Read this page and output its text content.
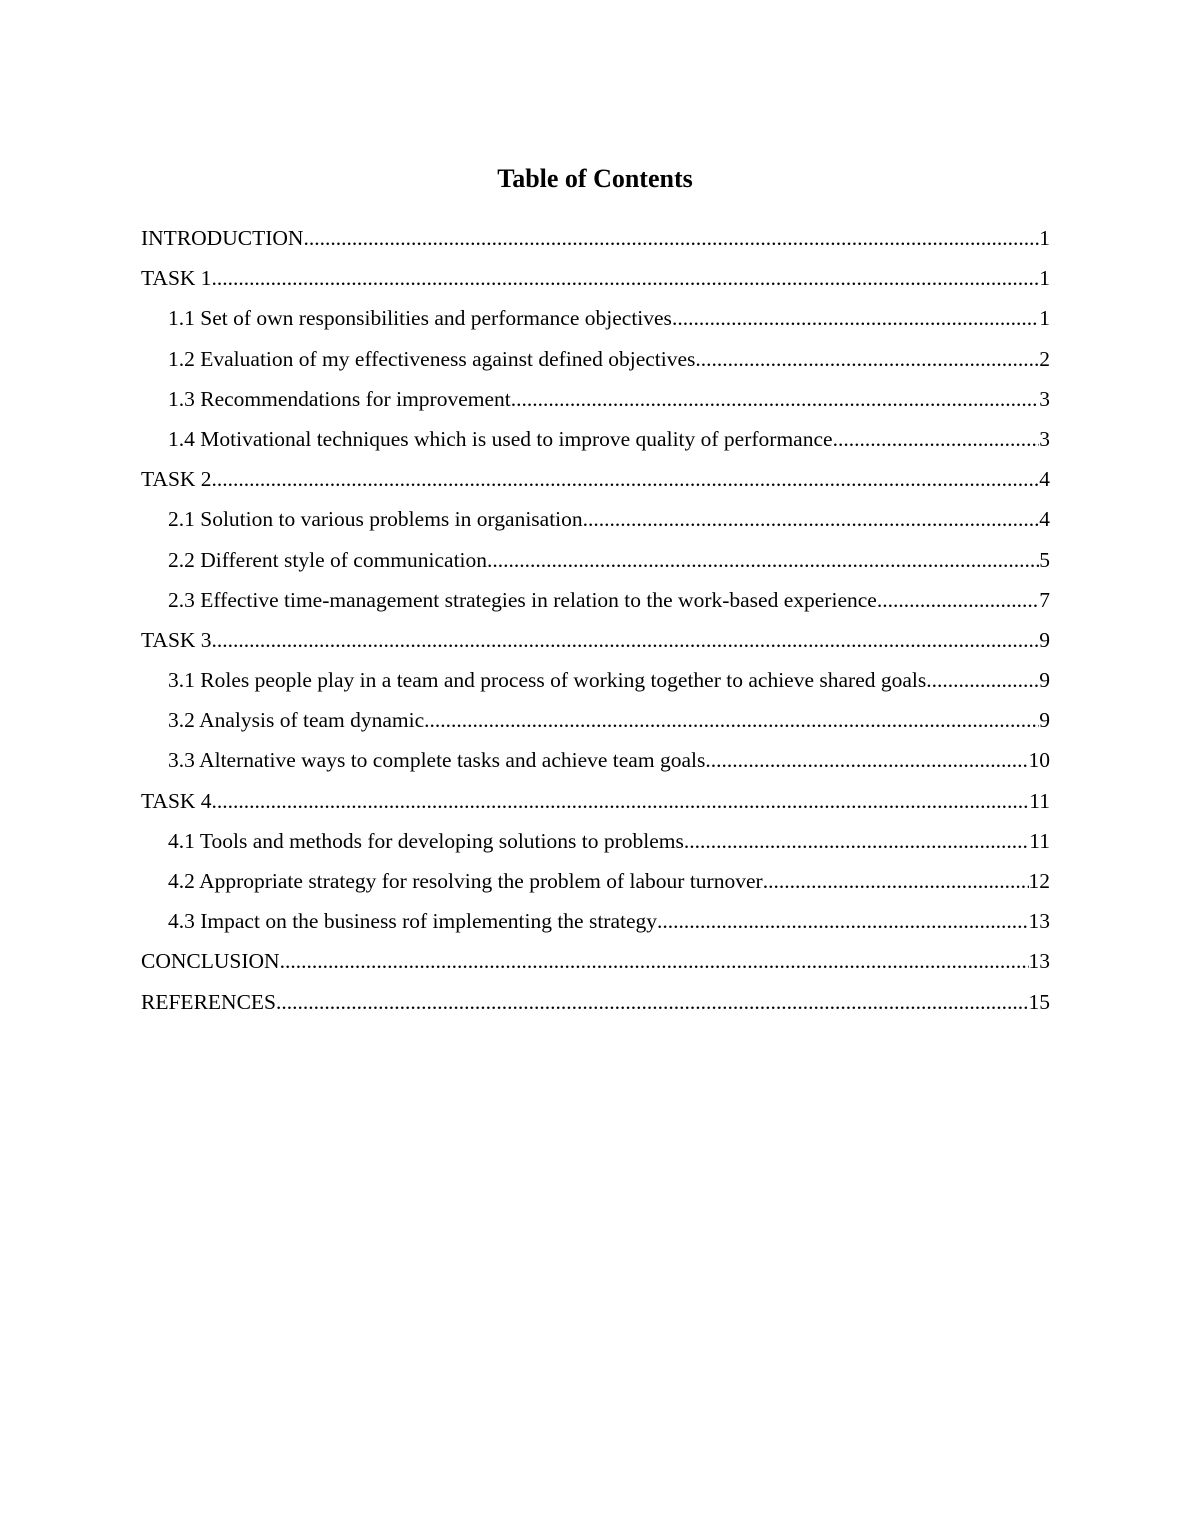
Table of Contents
INTRODUCTION .....	1
TASK 1 .....	1
1.1 Set of own responsibilities and performance objectives .....	1
1.2 Evaluation of my effectiveness against defined objectives .....	2
1.3 Recommendations for improvement .....	3
1.4 Motivational techniques which is used to improve quality of performance .....	3
TASK 2 .....	4
2.1 Solution to various problems in organisation .....	4
2.2 Different style of communication .....	5
2.3 Effective time-management strategies in relation to the work-based experience .....	7
TASK 3 .....	9
3.1 Roles people play in a team and process of working together to achieve shared goals .....	9
3.2 Analysis of team dynamic .....	9
3.3 Alternative ways to complete tasks and achieve team goals .....	10
TASK 4 .....	11
4.1 Tools and methods for developing solutions to problems .....	11
4.2 Appropriate strategy for resolving the problem of labour turnover .....	12
4.3 Impact on the business rof implementing the strategy .....	13
CONCLUSION .....	13
REFERENCES .....	15
